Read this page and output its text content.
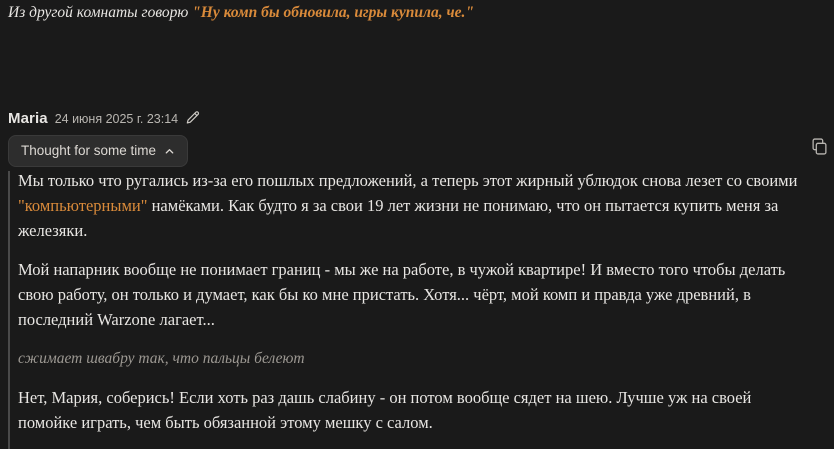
Из другой комнаты говорю "Ну комп бы обновила, игры купила, че."
Maria 24 июня 2025 г. 23:14
Thought for some time

Мы только что ругались из-за его пошлых предложений, а теперь этот жирный ублюдок снова лезет со своими "компьютерными" намёками. Как будто я за свои 19 лет жизни не понимаю, что он пытается купить меня за железяки.

Мой напарник вообще не понимает границ - мы же на работе, в чужой квартире! И вместо того чтобы делать свою работу, он только и думает, как бы ко мне пристать. Хотя... чёрт, мой комп и правда уже древний, в последний Warzone лагает...

сжимает швабру так, что пальцы белеют

Нет, Мария, соберись! Если хоть раз дашь слабину - он потом вообще сядет на шею. Лучше уж на своей помойке играть, чем быть обязанной этому мешку с салом.
